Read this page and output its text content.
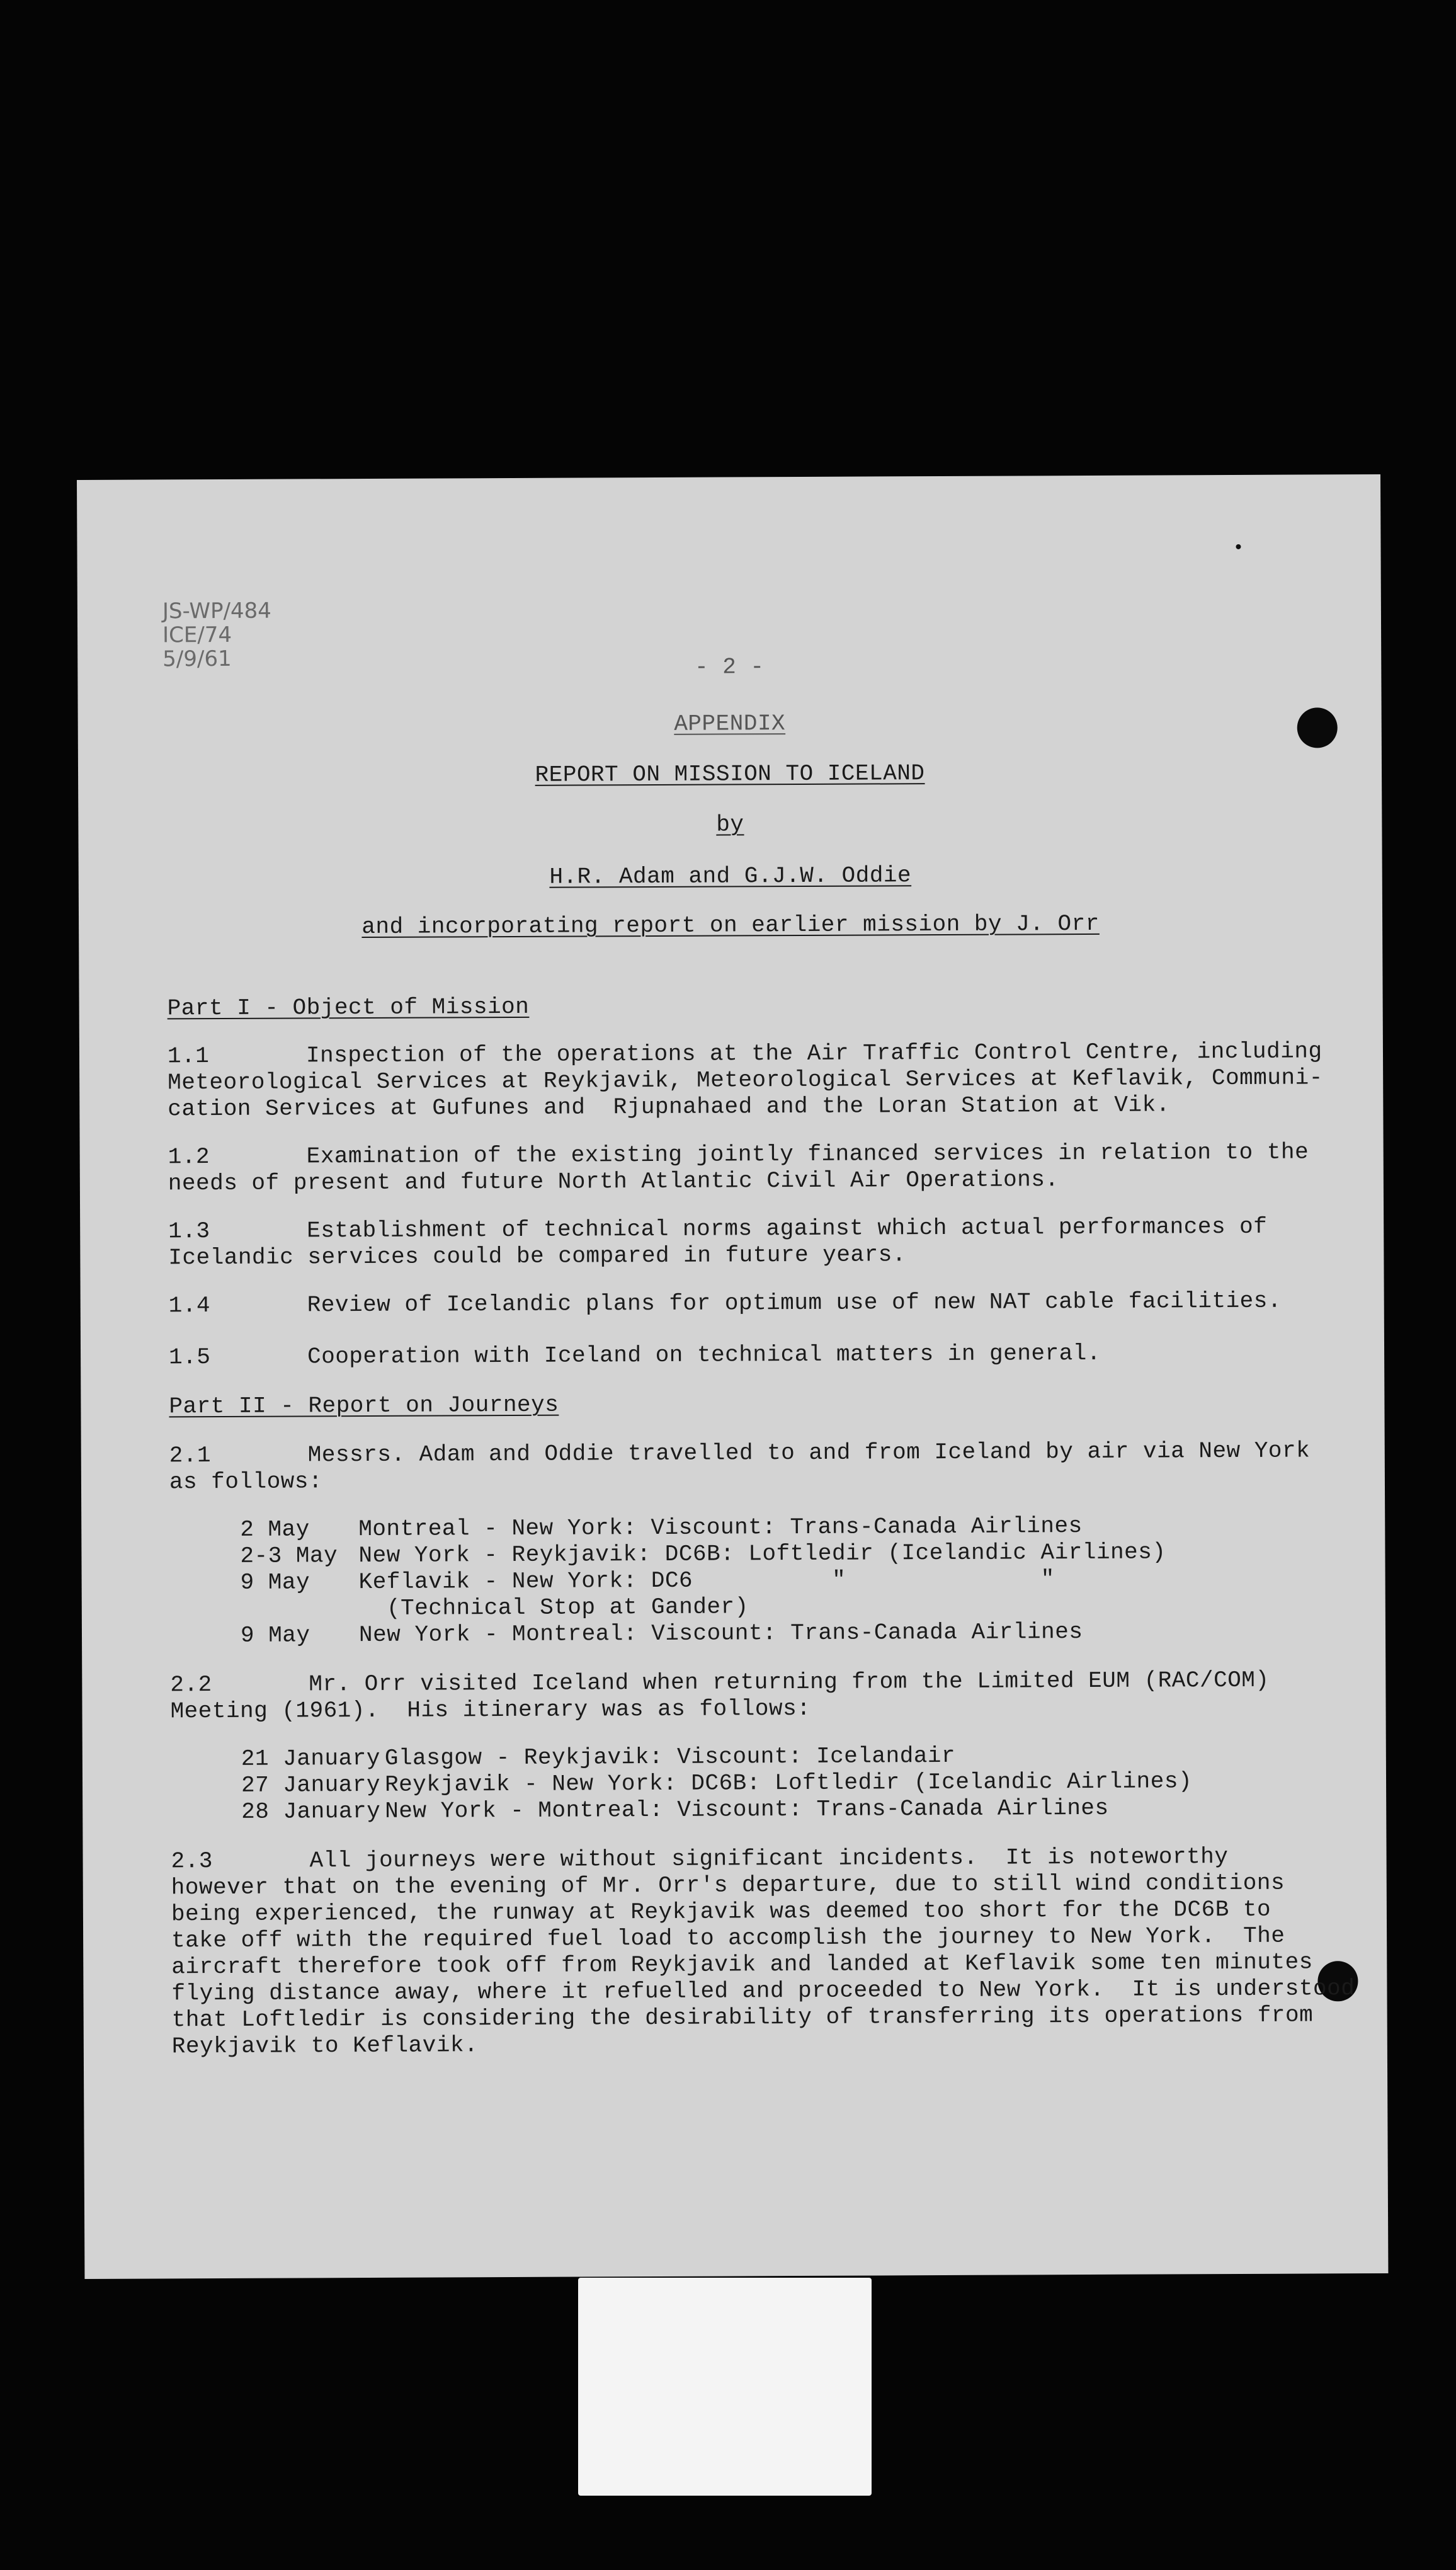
JS-WP/484
ICE/74
5/9/61	- 2 -
APPENDIX
REPORT ON MISSION TO ICELAND
by
H.R. Adam and G.J.W. Oddie
and incorporating report on earlier mission by J. Orr
Part I - Object of Mission
1.1	Inspection of the operations at the Air Traffic Control Centre, including
Meteorological Services at Reykjavik, Meteorological Services at Keflavik, Communi-
cation Services at Gufunes and  Rjupnahaed and the Loran Station at Vik.
1.2	Examination of the existing jointly financed services in relation to the
needs of present and future North Atlantic Civil Air Operations.
1.3	Establishment of technical norms against which actual performances of
Icelandic services could be compared in future years.
1.4	Review of Icelandic plans for optimum use of new NAT cable facilities.
1.5	Cooperation with Iceland on technical matters in general.
Part II - Report on Journeys
2.1	Messrs. Adam and Oddie travelled to and from Iceland by air via New York
as follows:
2 May Montreal - New York: Viscount: Trans-Canada Airlines
2-3 May New York - Reykjavik: DC6B: Loftledir (Icelandic Airlines)
9 May Keflavik - New York: DC6          "              "
(Technical Stop at Gander)
9 May New York - Montreal: Viscount: Trans-Canada Airlines
2.2	Mr. Orr visited Iceland when returning from the Limited EUM (RAC/COM)
Meeting (1961).  His itinerary was as follows:
21 January Glasgow - Reykjavik: Viscount: Icelandair
27 January Reykjavik - New York: DC6B: Loftledir (Icelandic Airlines)
28 January New York - Montreal: Viscount: Trans-Canada Airlines
2.3	All journeys were without significant incidents.  It is noteworthy
however that on the evening of Mr. Orr's departure, due to still wind conditions
being experienced, the runway at Reykjavik was deemed too short for the DC6B to
take off with the required fuel load to accomplish the journey to New York.  The
aircraft therefore took off from Reykjavik and landed at Keflavik some ten minutes
flying distance away, where it refuelled and proceeded to New York.  It is understood
that Loftledir is considering the desirability of transferring its operations from
Reykjavik to Keflavik.
